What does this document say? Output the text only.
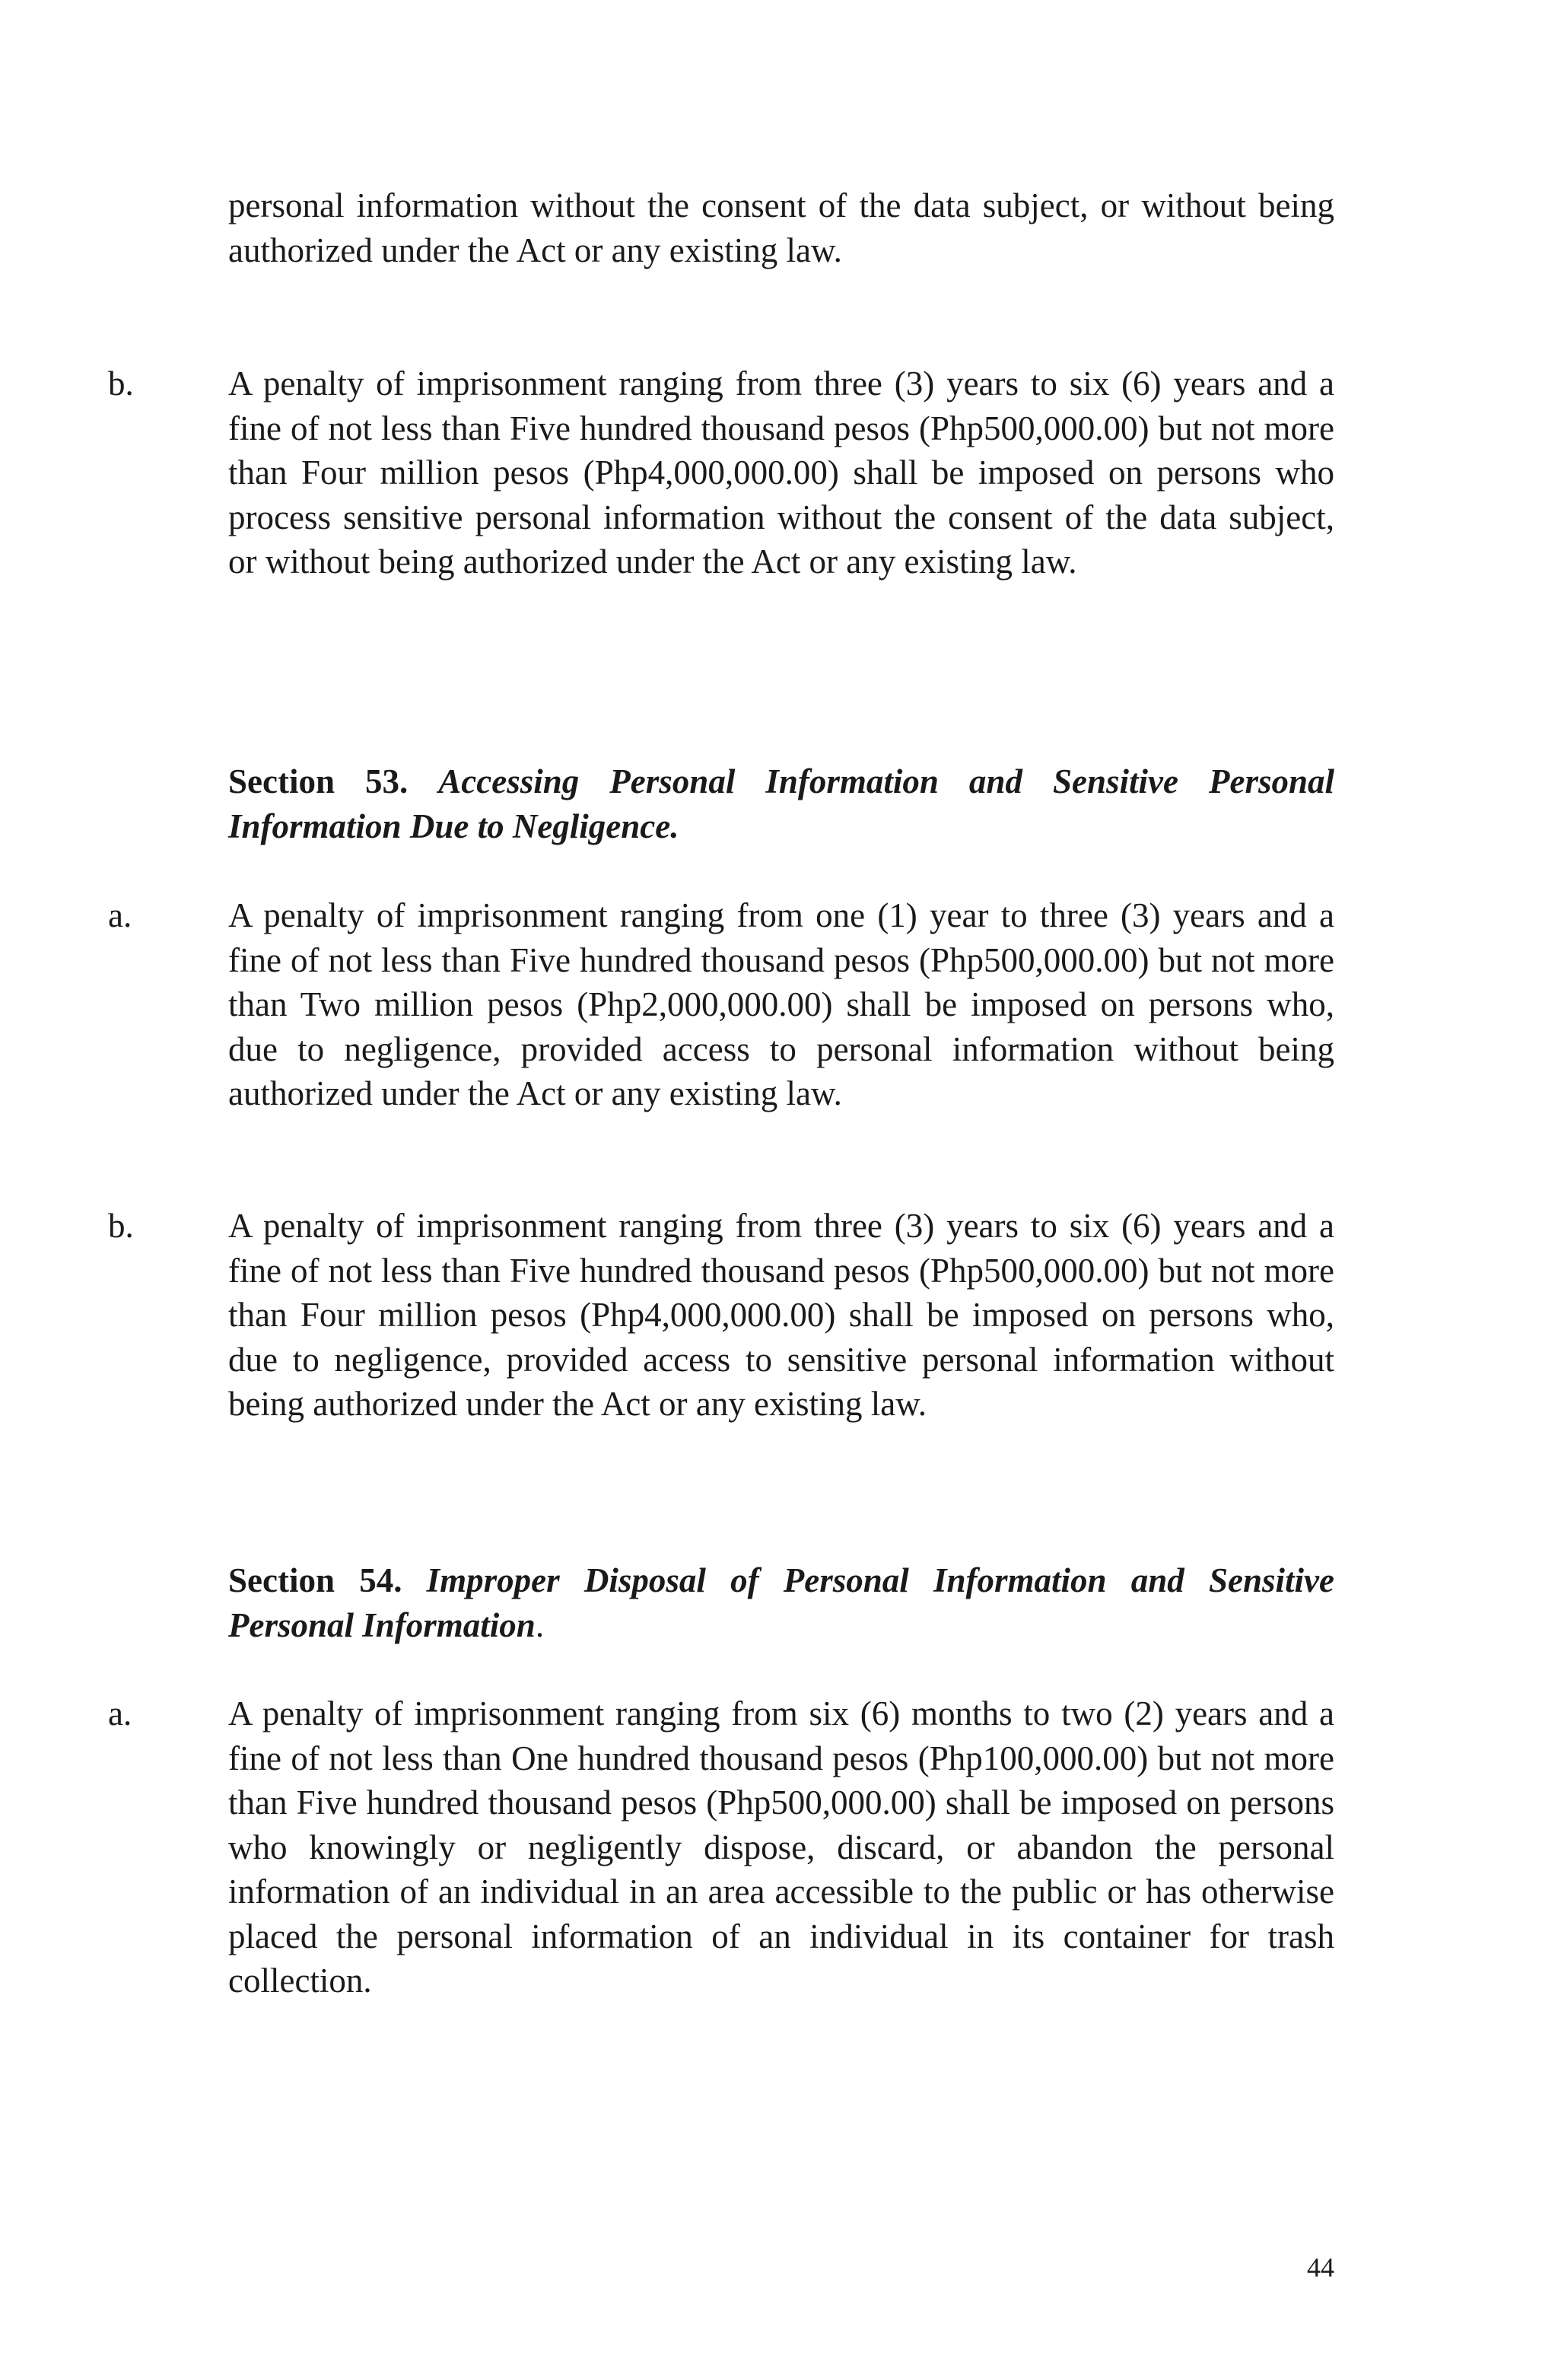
personal information without the consent of the data subject, or without being authorized under the Act or any existing law.

b.	A penalty of imprisonment ranging from three (3) years to six (6) years and a fine of not less than Five hundred thousand pesos (Php500,000.00) but not more than Four million pesos (Php4,000,000.00) shall be imposed on persons who process sensitive personal information without the consent of the data subject, or without being authorized under the Act or any existing law.

Section 53. Accessing Personal Information and Sensitive Personal Information Due to Negligence.

a.	A penalty of imprisonment ranging from one (1) year to three (3) years and a fine of not less than Five hundred thousand pesos (Php500,000.00) but not more than Two million pesos (Php2,000,000.00) shall be imposed on persons who, due to negligence, provided access to personal information without being authorized under the Act or any existing law.

b.	A penalty of imprisonment ranging from three (3) years to six (6) years and a fine of not less than Five hundred thousand pesos (Php500,000.00) but not more than Four million pesos (Php4,000,000.00) shall be imposed on persons who, due to negligence, provided access to sensitive personal information without being authorized under the Act or any existing law.

Section 54. Improper Disposal of Personal Information and Sensitive Personal Information.

a.	A penalty of imprisonment ranging from six (6) months to two (2) years and a fine of not less than One hundred thousand pesos (Php100,000.00) but not more than Five hundred thousand pesos (Php500,000.00) shall be imposed on persons who knowingly or negligently dispose, discard, or abandon the personal information of an individual in an area accessible to the public or has otherwise placed the personal information of an individual in its container for trash collection.

44
